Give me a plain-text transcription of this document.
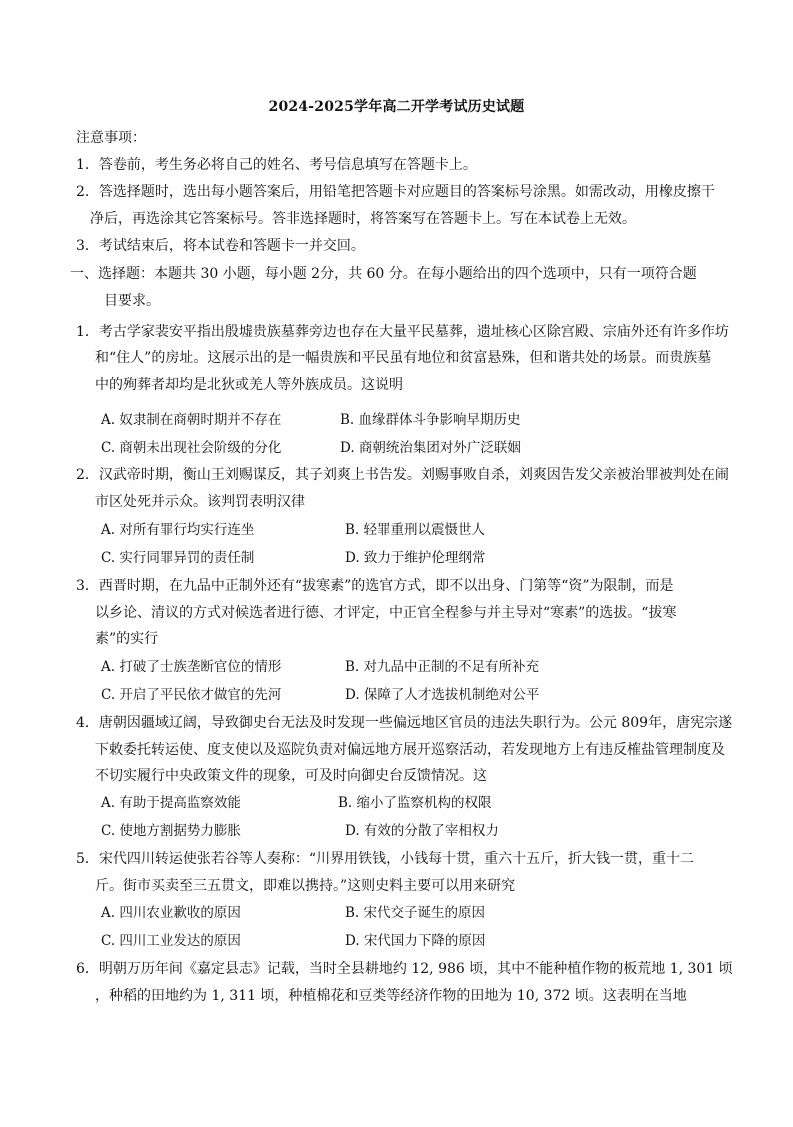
2024-2025学年高二开学考试历史试题
注意事项：
1．答卷前，考生务必将自己的姓名、考号信息填写在答题卡上。
2．答选择题时，选出每小题答案后，用铅笔把答题卡对应题目的答案标号涂黑。如需改动，用橡皮擦干
净后，再选涂其它答案标号。答非选择题时，将答案写在答题卡上。写在本试卷上无效。
3．考试结束后，将本试卷和答题卡一并交回。
一、选择题：本题共 30 小题，每小题 2分，共 60 分。在每小题给出的四个选项中，只有一项符合题
目要求。
1．考古学家裴安平指出殷墟贵族墓葬旁边也存在大量平民墓葬，遗址核心区除宫殿、宗庙外还有许多作坊
和“住人”的房址。这展示出的是一幅贵族和平民虽有地位和贫富悬殊，但和谐共处的场景。而贵族墓
中的殉葬者却均是北狄或羌人等外族成员。这说明
A. 奴隶制在商朝时期并不存在	B. 血缘群体斗争影响早期历史
C. 商朝未出现社会阶级的分化	D. 商朝统治集团对外广泛联姻
2．汉武帝时期，衡山王刘赐谋反，其子刘爽上书告发。刘赐事败自杀，刘爽因告发父亲被治罪被判处在闹
市区处死并示众。该判罚表明汉律
A. 对所有罪行均实行连坐	B. 轻罪重刑以震慑世人
C. 实行同罪异罚的责任制	D. 致力于维护伦理纲常
3．西晋时期，在九品中正制外还有“拔寒素”的选官方式，即不以出身、门第等“资”为限制，而是
以乡论、清议的方式对候选者进行德、才评定，中正官全程参与并主导对“寒素”的选拔。“拔寒
素”的实行
A. 打破了士族垄断官位的情形	B. 对九品中正制的不足有所补充
C. 开启了平民依才做官的先河	D. 保障了人才选拔机制绝对公平
4．唐朝因疆域辽阔，导致御史台无法及时发现一些偏远地区官员的违法失职行为。公元 809年，唐宪宗遂
下敕委托转运使、度支使以及巡院负责对偏远地方展开巡察活动，若发现地方上有违反榷盐管理制度及
不切实履行中央政策文件的现象，可及时向御史台反馈情况。这
A. 有助于提高监察效能	B. 缩小了监察机构的权限
C. 使地方割据势力膨胀	D. 有效的分散了宰相权力
5．宋代四川转运使张若谷等人奏称：“川界用铁钱，小钱每十贯，重六十五斤，折大钱一贯，重十二
斤。街市买卖至三五贯文，即难以携持。”这则史料主要可以用来研究
A. 四川农业歉收的原因	B. 宋代交子诞生的原因
C. 四川工业发达的原因	D. 宋代国力下降的原因
6．明朝万历年间《嘉定县志》记载，当时全县耕地约 12, 986 顷，其中不能种植作物的板荒地 1, 301 顷
，种稻的田地约为 1, 311 顷，种植棉花和豆类等经济作物的田地为 10, 372 顷。这表明在当地
